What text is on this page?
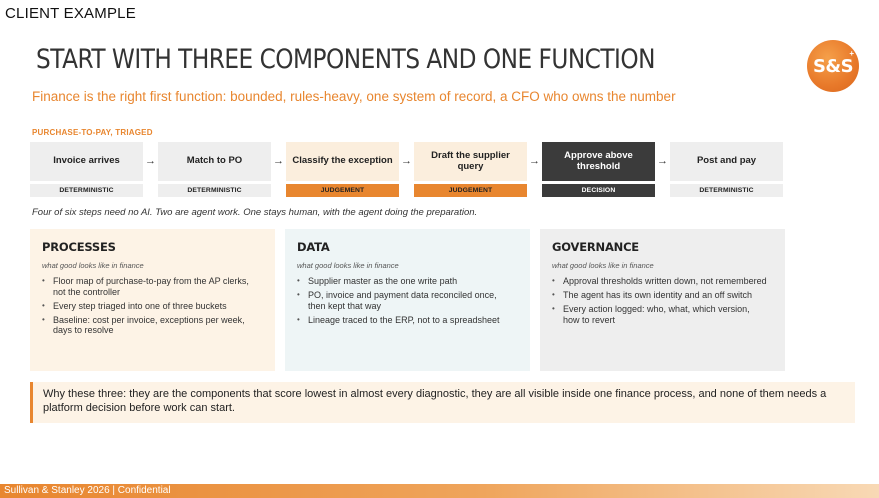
CLIENT EXAMPLE
START WITH THREE COMPONENTS AND ONE FUNCTION	S&S
+
Finance is the right first function: bounded, rules-heavy, one system of record, a CFO who owns the number
PURCHASE-TO-PAY, TRIAGED
Invoice arrives	Match to PO	Classify the exception	Draft the supplier query
Approve above threshold	Post and pay
→	→	→	→	→
DETERMINISTIC	DETERMINISTIC	JUDGEMENT	JUDGEMENT	DECISION	DETERMINISTIC
Four of six steps need no AI. Two are agent work. One stays human, with the agent doing the preparation.
PROCESSES
what good looks like in finance
• Floor map of purchase-to-pay from the AP clerks, not the controller
• Every step triaged into one of three buckets
• Baseline: cost per invoice, exceptions per week, days to resolve
DATA
what good looks like in finance
• Supplier master as the one write path
• PO, invoice and payment data reconciled once, then kept that way
• Lineage traced to the ERP, not to a spreadsheet
GOVERNANCE
what good looks like in finance
• Approval thresholds written down, not remembered
• The agent has its own identity and an off switch
• Every action logged: who, what, which version, how to revert
Why these three: they are the components that score lowest in almost every diagnostic, they are all visible inside one finance process, and none of them needs a platform decision before work can start.
Sullivan & Stanley 2026 | Confidential
